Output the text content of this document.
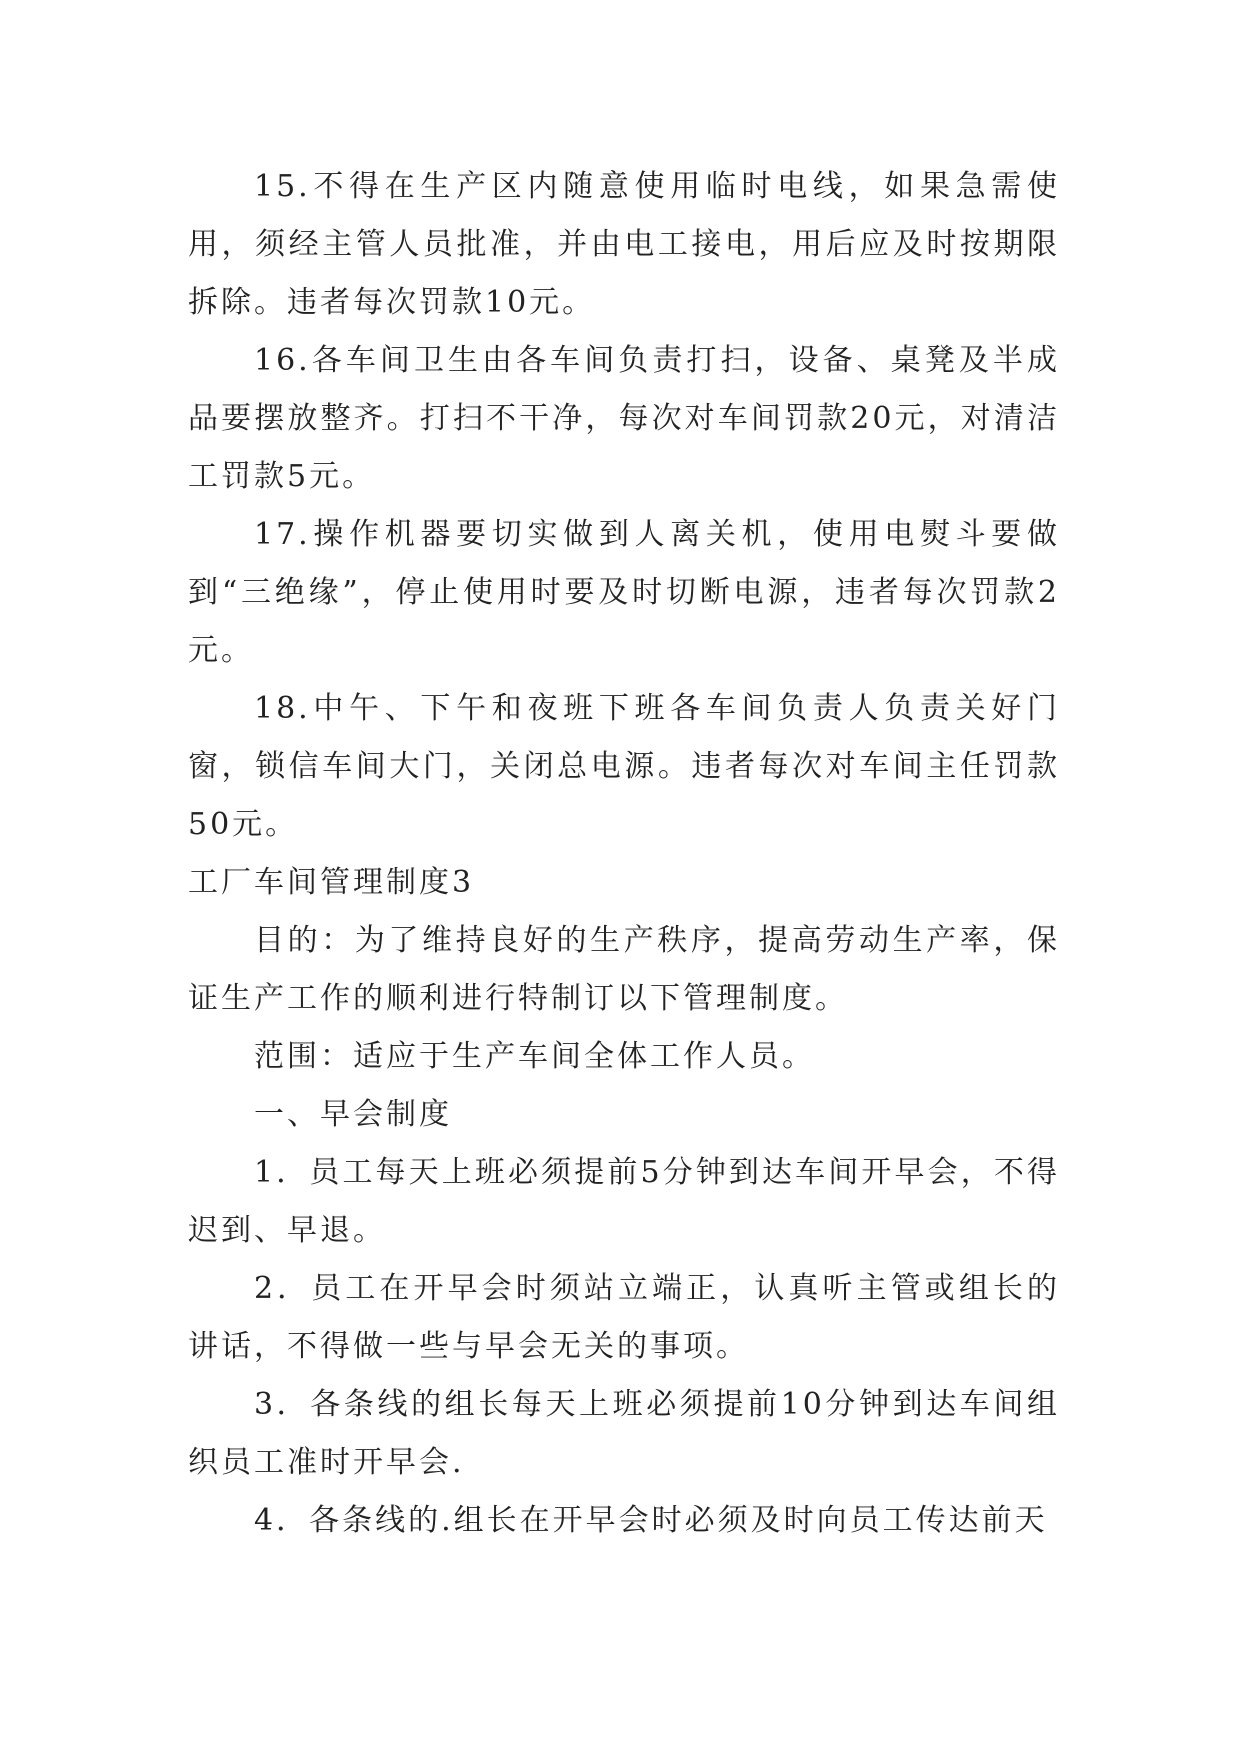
15.不得在生产区内随意使用临时电线，如果急需使用，须经主管人员批准，并由电工接电，用后应及时按期限拆除。违者每次罚款10元。

16.各车间卫生由各车间负责打扫，设备、桌凳及半成品要摆放整齐。打扫不干净，每次对车间罚款20元，对清洁工罚款5元。

17.操作机器要切实做到人离关机，使用电熨斗要做到“三绝缘”，停止使用时要及时切断电源，违者每次罚款2元。

18.中午、下午和夜班下班各车间负责人负责关好门窗，锁信车间大门，关闭总电源。违者每次对车间主任罚款50元。

工厂车间管理制度3

目的：为了维持良好的生产秩序，提高劳动生产率，保证生产工作的顺利进行特制订以下管理制度。

范围：适应于生产车间全体工作人员。

一、早会制度

1．员工每天上班必须提前5分钟到达车间开早会，不得迟到、早退。

2．员工在开早会时须站立端正，认真听主管或组长的讲话，不得做一些与早会无关的事项。

3．各条线的组长每天上班必须提前10分钟到达车间组织员工准时开早会.

4．各条线的.组长在开早会时必须及时向员工传达前天
